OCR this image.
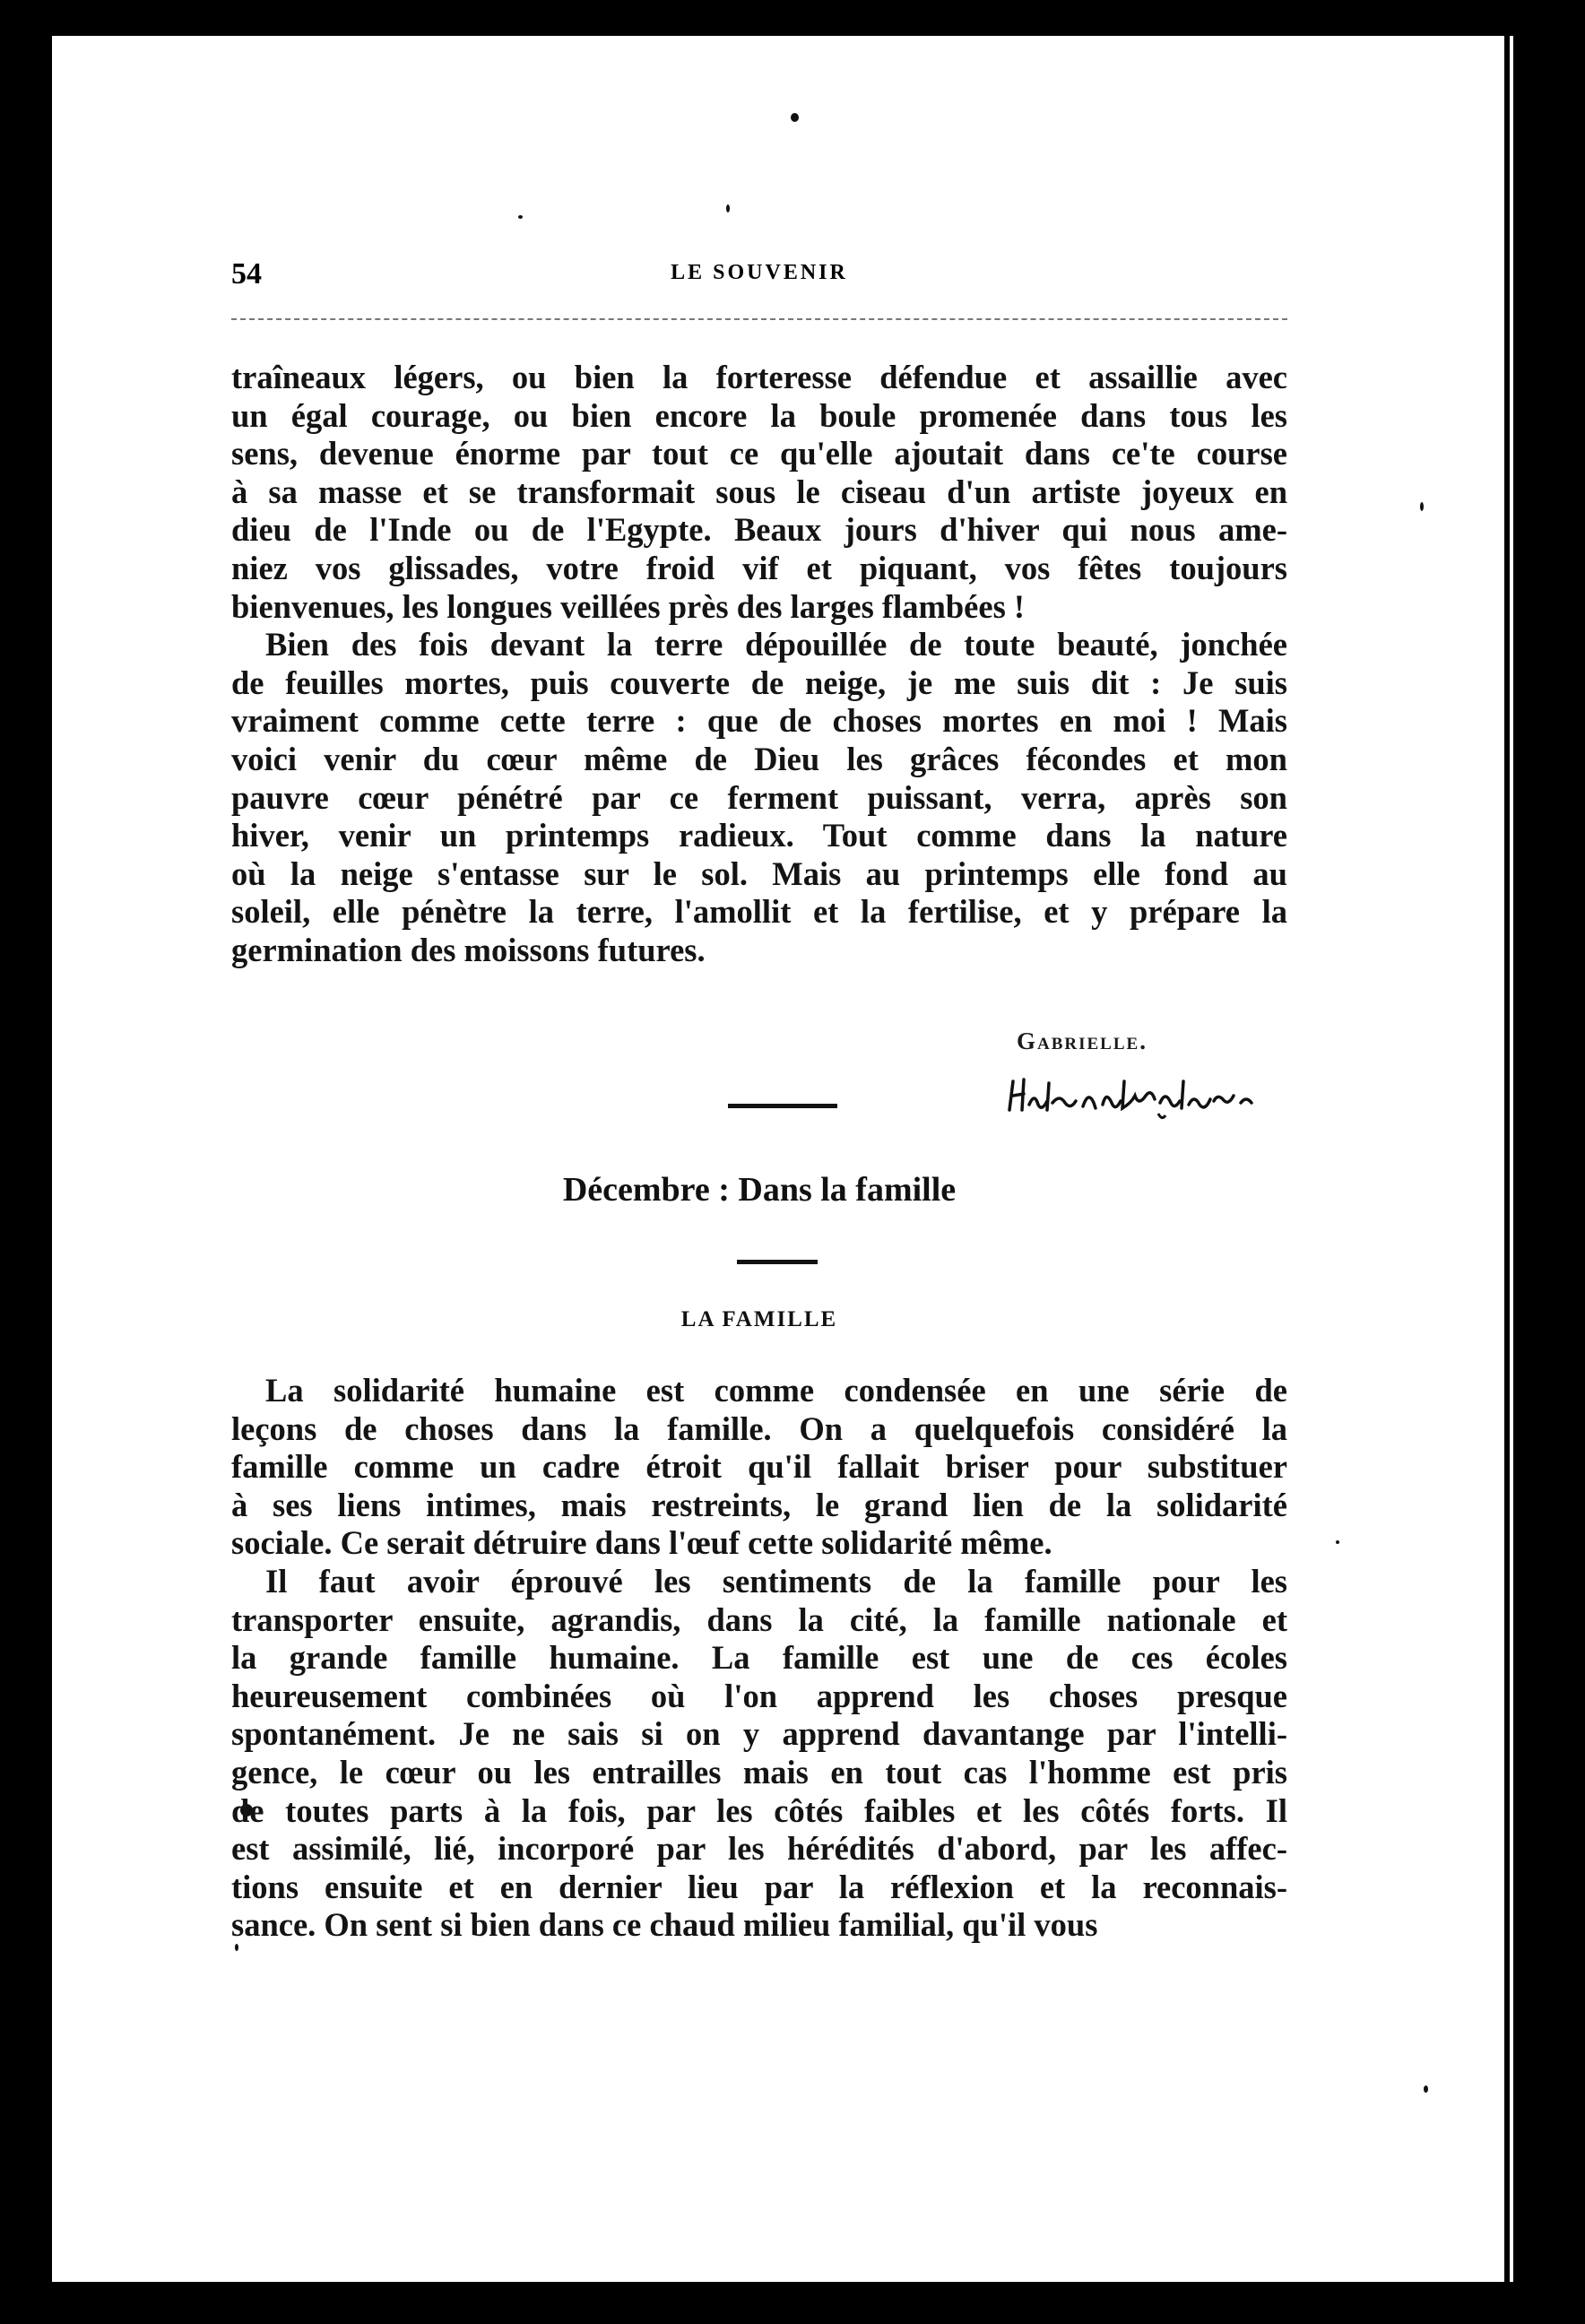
54	LE SOUVENIR

traîneaux légers, ou bien la forteresse défendue et assaillie avec
un égal courage, ou bien encore la boule promenée dans tous les
sens, devenue énorme par tout ce qu'elle ajoutait dans ce'te course
à sa masse et se transformait sous le ciseau d'un artiste joyeux en
dieu de l'Inde ou de l'Egypte. Beaux jours d'hiver qui nous ame-
niez vos glissades, votre froid vif et piquant, vos fêtes toujours
bienvenues, les longues veillées près des larges flambées !

Bien des fois devant la terre dépouillée de toute beauté, jonchée
de feuilles mortes, puis couverte de neige, je me suis dit : Je suis
vraiment comme cette terre : que de choses mortes en moi ! Mais
voici venir du cœur même de Dieu les grâces fécondes et mon
pauvre cœur pénétré par ce ferment puissant, verra, après son
hiver, venir un printemps radieux. Tout comme dans la nature
où la neige s'entasse sur le sol. Mais au printemps elle fond au
soleil, elle pénètre la terre, l'amollit et la fertilise, et y prépare la
germination des moissons futures.

Gabrielle.
Décembre : Dans la famille
LA FAMILLE

La solidarité humaine est comme condensée en une série de
leçons de choses dans la famille. On a quelquefois considéré la
famille comme un cadre étroit qu'il fallait briser pour substituer
à ses liens intimes, mais restreints, le grand lien de la solidarité
sociale. Ce serait détruire dans l'œuf cette solidarité même.

Il faut avoir éprouvé les sentiments de la famille pour les
transporter ensuite, agrandis, dans la cité, la famille nationale et
la grande famille humaine. La famille est une de ces écoles
heureusement combinées où l'on apprend les choses presque
spontanément. Je ne sais si on y apprend davantange par l'intelli-
gence, le cœur ou les entrailles mais en tout cas l'homme est pris
de toutes parts à la fois, par les côtés faibles et les côtés forts. Il
est assimilé, lié, incorporé par les hérédités d'abord, par les affec-
tions ensuite et en dernier lieu par la réflexion et la reconnais-
sance. On sent si bien dans ce chaud milieu familial, qu'il vous
